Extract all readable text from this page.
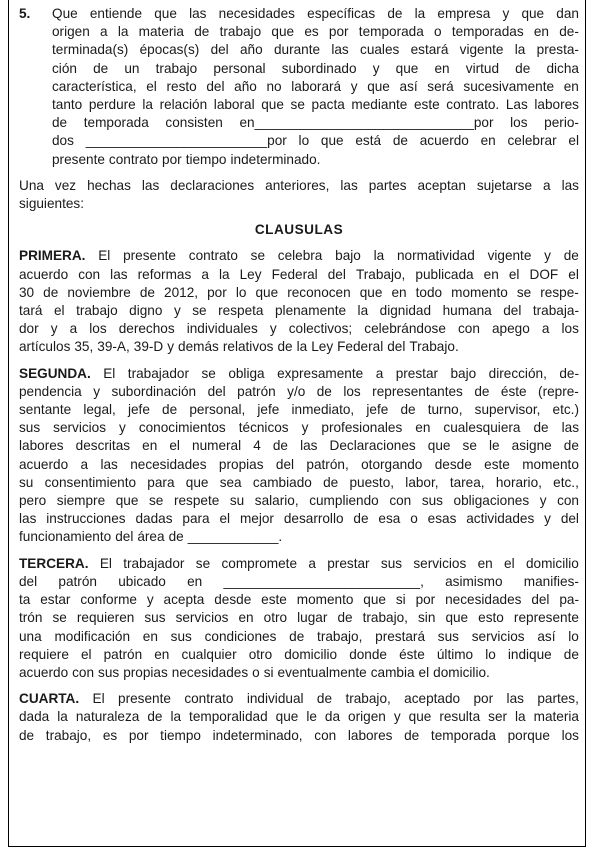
5. Que entiende que las necesidades específicas de la empresa y que dan
origen a la materia de trabajo que es por temporada o temporadas en de-
terminada(s) épocas(s) del año durante las cuales estará vigente la presta-
ción de un trabajo personal subordinado y que en virtud de dicha
característica, el resto del año no laborará y que así será sucesivamente en
tanto perdure la relación laboral que se pacta mediante este contrato. Las labores
de temporada consisten en_____________________________por los perio-
dos ________________________por lo que está de acuerdo en celebrar el
presente contrato por tiempo indeterminado.
Una vez hechas las declaraciones anteriores, las partes aceptan sujetarse a las
siguientes:
CLAUSULAS
PRIMERA. El presente contrato se celebra bajo la normatividad vigente y de
acuerdo con las reformas a la Ley Federal del Trabajo, publicada en el DOF el
30 de noviembre de 2012, por lo que reconocen que en todo momento se respe-
tará el trabajo digno y se respeta plenamente la dignidad humana del trabaja-
dor y a los derechos individuales y colectivos; celebrándose con apego a los
artículos 35, 39-A, 39-D y demás relativos de la Ley Federal del Trabajo.
SEGUNDA. El trabajador se obliga expresamente a prestar bajo dirección, de-
pendencia y subordinación del patrón y/o de los representantes de éste (repre-
sentante legal, jefe de personal, jefe inmediato, jefe de turno, supervisor, etc.)
sus servicios y conocimientos técnicos y profesionales en cualesquiera de las
labores descritas en el numeral 4 de las Declaraciones que se le asigne de
acuerdo a las necesidades propias del patrón, otorgando desde este momento
su consentimiento para que sea cambiado de puesto, labor, tarea, horario, etc.,
pero siempre que se respete su salario, cumpliendo con sus obligaciones y con
las instrucciones dadas para el mejor desarrollo de esa o esas actividades y del
funcionamiento del área de ____________.
TERCERA. El trabajador se compromete a prestar sus servicios en el domicilio
del patrón ubicado en __________________________, asimismo manifies-
ta estar conforme y acepta desde este momento que si por necesidades del pa-
trón se requieren sus servicios en otro lugar de trabajo, sin que esto represente
una modificación en sus condiciones de trabajo, prestará sus servicios así lo
requiere el patrón en cualquier otro domicilio donde éste último lo indique de
acuerdo con sus propias necesidades o si eventualmente cambia el domicilio.
CUARTA. El presente contrato individual de trabajo, aceptado por las partes,
dada la naturaleza de la temporalidad que le da origen y que resulta ser la materia
de trabajo, es por tiempo indeterminado, con labores de temporada porque los
